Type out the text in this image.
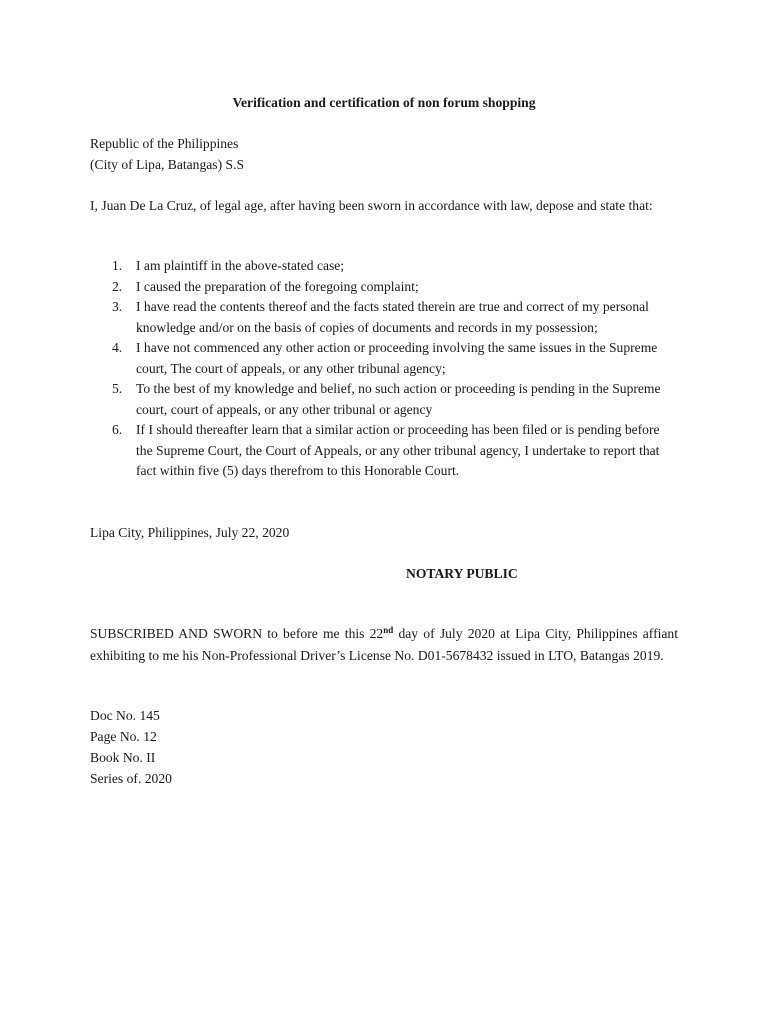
Verification and certification of non forum shopping
Republic of the Philippines
(City of Lipa, Batangas) S.S
I, Juan De La Cruz, of legal age, after having been sworn in accordance with law, depose and state that:
1. I am plaintiff in the above-stated case;
2. I caused the preparation of the foregoing complaint;
3. I have read the contents thereof and the facts stated therein are true and correct of my personal knowledge and/or on the basis of copies of documents and records in my possession;
4. I have not commenced any other action or proceeding involving the same issues in the Supreme court, The court of appeals, or any other tribunal agency;
5. To the best of my knowledge and belief, no such action or proceeding is pending in the Supreme court, court of appeals, or any other tribunal or agency
6. If I should thereafter learn that a similar action or proceeding has been filed or is pending before the Supreme Court, the Court of Appeals, or any other tribunal agency, I undertake to report that fact within five (5) days therefrom to this Honorable Court.
Lipa City, Philippines, July 22, 2020
NOTARY PUBLIC
SUBSCRIBED AND SWORN to before me this 22nd day of July 2020 at Lipa City, Philippines affiant exhibiting to me his Non-Professional Driver’s License No. D01-5678432 issued in LTO, Batangas 2019.
Doc No. 145
Page No. 12
Book No. II
Series of. 2020
